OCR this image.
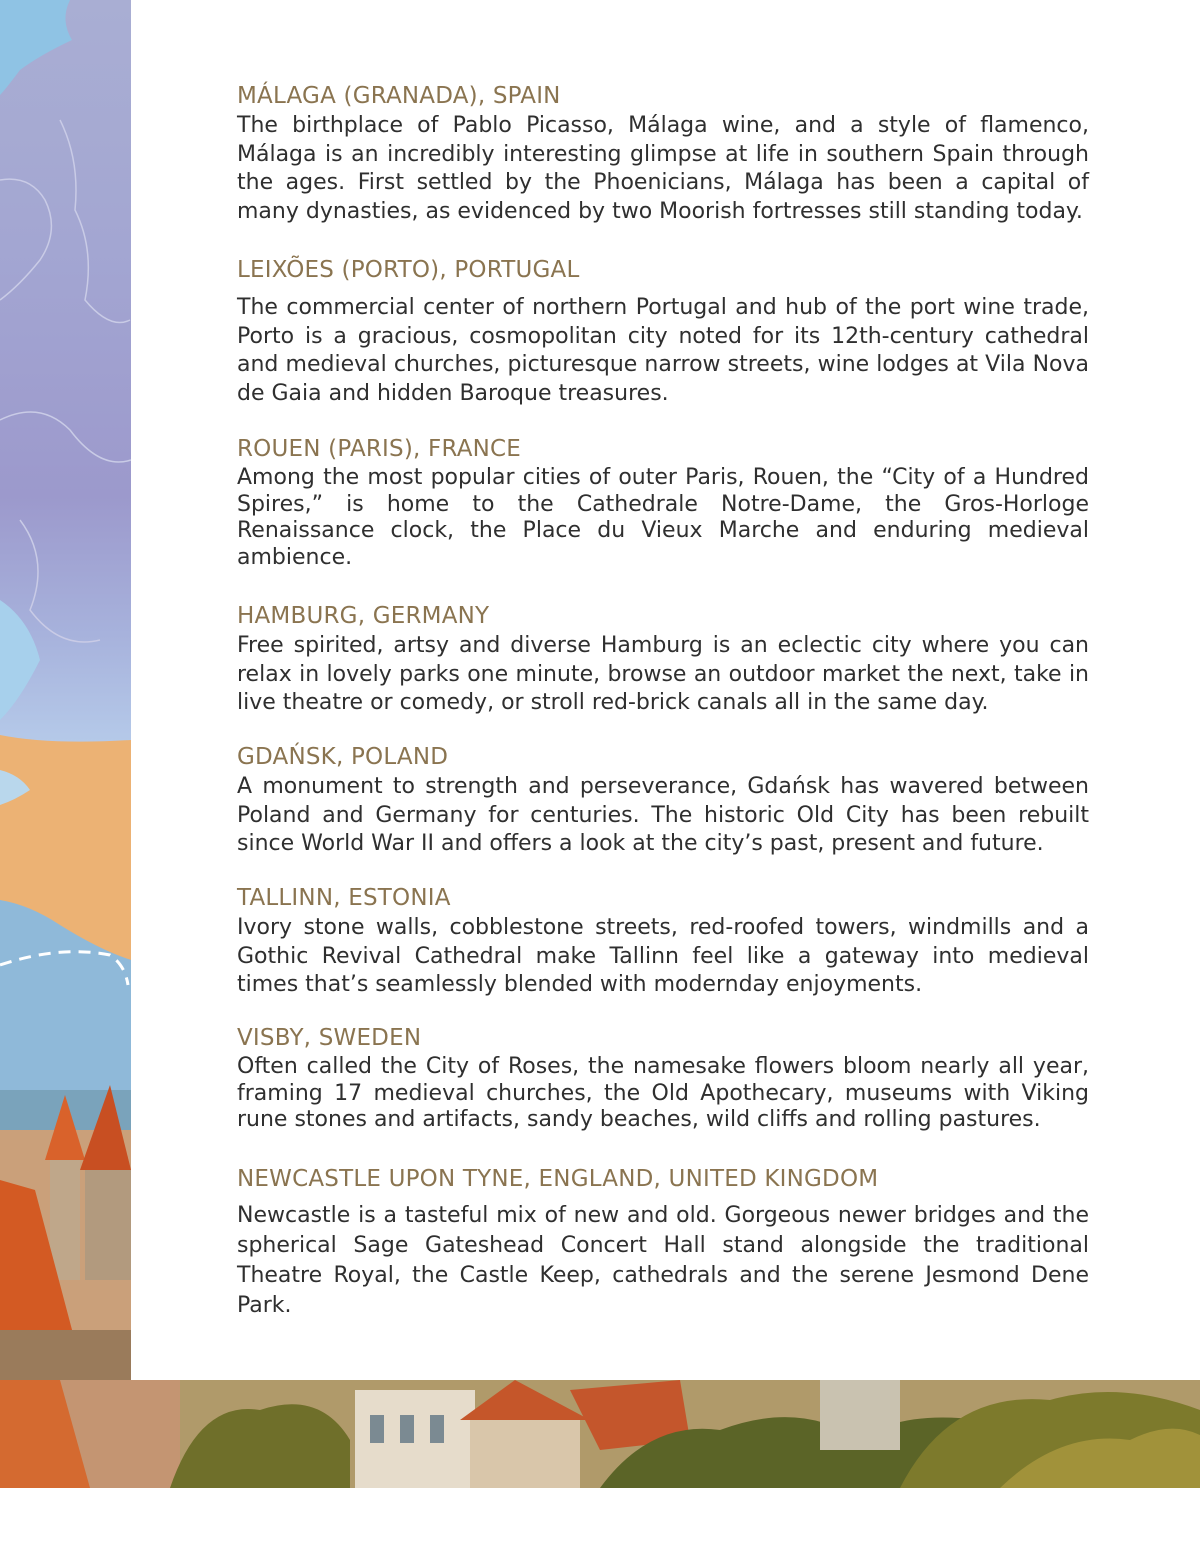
MÁLAGA (GRANADA), SPAIN

The birthplace of Pablo Picasso, Málaga wine, and a style of flamenco, Málaga is an incredibly interesting glimpse at life in southern Spain through the ages. First settled by the Phoenicians, Málaga has been a capital of many dynasties, as evidenced by two Moorish fortresses still standing today.

LEIXÕES (PORTO), PORTUGAL

The commercial center of northern Portugal and hub of the port wine trade, Porto is a gracious, cosmopolitan city noted for its 12th-century cathedral and medieval churches, picturesque narrow streets, wine lodges at Vila Nova de Gaia and hidden Baroque treasures.

ROUEN (PARIS), FRANCE

Among the most popular cities of outer Paris, Rouen, the “City of a Hundred Spires,” is home to the Cathedrale Notre-Dame, the Gros-Horloge Renaissance clock, the Place du Vieux Marche and enduring medieval ambience.

HAMBURG, GERMANY

Free spirited, artsy and diverse Hamburg is an eclectic city where you can relax in lovely parks one minute, browse an outdoor market the next, take in live theatre or comedy, or stroll red-brick canals all in the same day.

GDAŃSK, POLAND

A monument to strength and perseverance, Gdańsk has wavered between Poland and Germany for centuries. The historic Old City has been rebuilt since World War II and offers a look at the city’s past, present and future.

TALLINN, ESTONIA

Ivory stone walls, cobblestone streets, red-roofed towers, windmills and a Gothic Revival Cathedral make Tallinn feel like a gateway into medieval times that’s seamlessly blended with modernday enjoyments.

VISBY, SWEDEN

Often called the City of Roses, the namesake flowers bloom nearly all year, framing 17 medieval churches, the Old Apothecary, museums with Viking rune stones and artifacts, sandy beaches, wild cliffs and rolling pastures.

NEWCASTLE UPON TYNE, ENGLAND, UNITED KINGDOM

Newcastle is a tasteful mix of new and old. Gorgeous newer bridges and the spherical Sage Gateshead Concert Hall stand alongside the traditional Theatre Royal, the Castle Keep, cathedrals and the serene Jesmond Dene Park.
